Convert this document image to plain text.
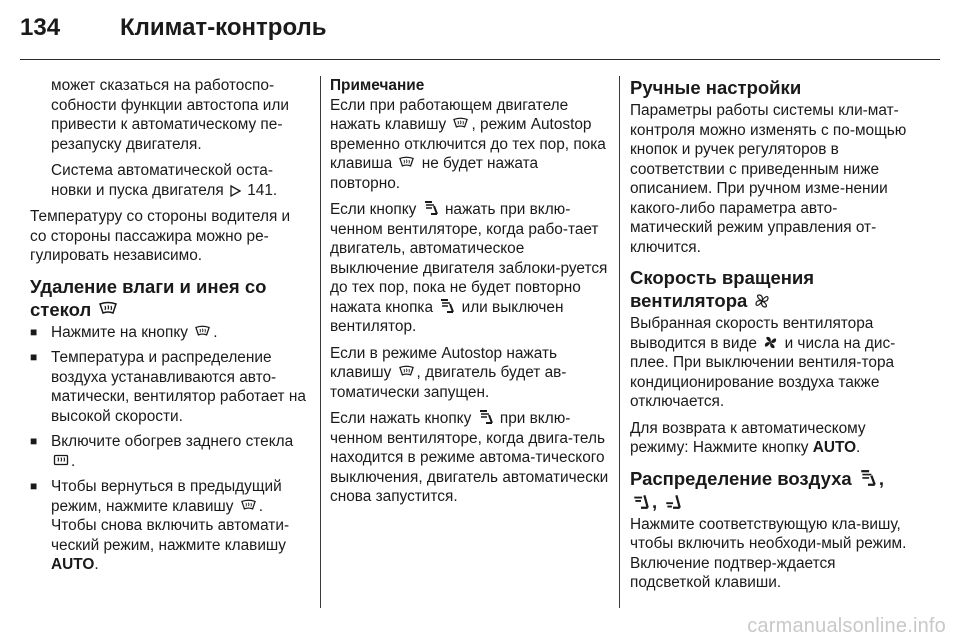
134 Климат-контроль

может сказаться на работоспо-собности функции автостопа или привести к автоматическому пе-резапуску двигателя.

Система автоматической оста-новки и пуска двигателя 141.

Температуру со стороны водителя и со стороны пассажира можно ре-гулировать независимо.

Удаление влаги и инея со стекол
■ Нажмите на кнопку .
■ Температура и распределение воздуха устанавливаются авто-матически, вентилятор работает на высокой скорости.
■ Включите обогрев заднего стекла
.
■ Чтобы вернуться в предыдущий режим, нажмите клавишу . Чтобы снова включить автомати-ческий режим, нажмите клавишу AUTO.
Примечание

Если при работающем двигателе нажать клавишу , режим Autostop временно отключится до тех пор, пока клавиша не будет нажата повторно.

Если кнопку нажать при вклю-ченном вентиляторе, когда рабо-тает двигатель, автоматическое выключение двигателя заблоки-руется до тех пор, пока не будет повторно нажата кнопка или выключен вентилятор.

Если в режиме Autostop нажать клавишу , двигатель будет ав-томатически запущен.

Если нажать кнопку при вклю-ченном вентиляторе, когда двига-тель находится в режиме автома-тического выключения, двигатель автоматически снова запустится.

Ручные настройки

Параметры работы системы кли-мат-контроля можно изменять с по-мощью кнопок и ручек регуляторов в соответствии с приведенным ниже описанием. При ручном изме-нении какого-либо параметра авто-матический режим управления от-ключится.

Скорость вращения вентилятора

Выбранная скорость вентилятора выводится в виде и числа на дис-плее. При выключении вентиля-тора кондиционирование воздуха также отключается.

Для возврата к автоматическому режиму: Нажмите кнопку AUTO.

Распределение воздуха ,
,

Нажмите соответствующую кла-вишу, чтобы включить необходи-мый режим. Включение подтвер-ждается подсветкой клавиши.

carmanualsonline.info
